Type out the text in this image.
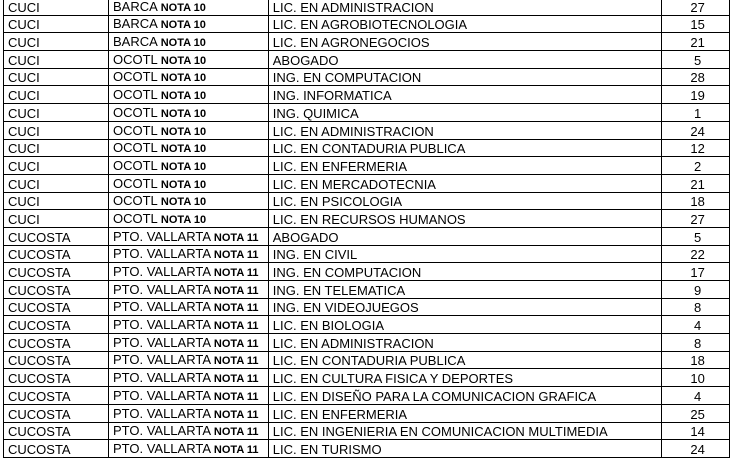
CUCI	BARCA NOTA 10	LIC. EN ADMINISTRACION	27
CUCI	BARCA NOTA 10	LIC. EN AGROBIOTECNOLOGIA	15
CUCI	BARCA NOTA 10	LIC. EN AGRONEGOCIOS	21
CUCI	OCOTL NOTA 10	ABOGADO	5
CUCI	OCOTL NOTA 10	ING. EN COMPUTACION	28
CUCI	OCOTL NOTA 10	ING. INFORMATICA	19
CUCI	OCOTL NOTA 10	ING. QUIMICA	1
CUCI	OCOTL NOTA 10	LIC. EN ADMINISTRACION	24
CUCI	OCOTL NOTA 10	LIC. EN CONTADURIA PUBLICA	12
CUCI	OCOTL NOTA 10	LIC. EN ENFERMERIA	2
CUCI	OCOTL NOTA 10	LIC. EN MERCADOTECNIA	21
CUCI	OCOTL NOTA 10	LIC. EN PSICOLOGIA	18
CUCI	OCOTL NOTA 10	LIC. EN RECURSOS HUMANOS	27
CUCOSTA	PTO. VALLARTA NOTA 11	ABOGADO	5
CUCOSTA	PTO. VALLARTA NOTA 11	ING. EN CIVIL	22
CUCOSTA	PTO. VALLARTA NOTA 11	ING. EN COMPUTACION	17
CUCOSTA	PTO. VALLARTA NOTA 11	ING. EN TELEMATICA	9
CUCOSTA	PTO. VALLARTA NOTA 11	ING. EN VIDEOJUEGOS	8
CUCOSTA	PTO. VALLARTA NOTA 11	LIC. EN BIOLOGIA	4
CUCOSTA	PTO. VALLARTA NOTA 11	LIC. EN ADMINISTRACION	8
CUCOSTA	PTO. VALLARTA NOTA 11	LIC. EN CONTADURIA PUBLICA	18
CUCOSTA	PTO. VALLARTA NOTA 11	LIC. EN CULTURA FISICA Y DEPORTES	10
CUCOSTA	PTO. VALLARTA NOTA 11	LIC. EN DISEÑO PARA LA COMUNICACION GRAFICA	4
CUCOSTA	PTO. VALLARTA NOTA 11	LIC. EN ENFERMERIA	25
CUCOSTA	PTO. VALLARTA NOTA 11	LIC. EN INGENIERIA EN COMUNICACION MULTIMEDIA	14
CUCOSTA	PTO. VALLARTA NOTA 11	LIC. EN TURISMO	24
